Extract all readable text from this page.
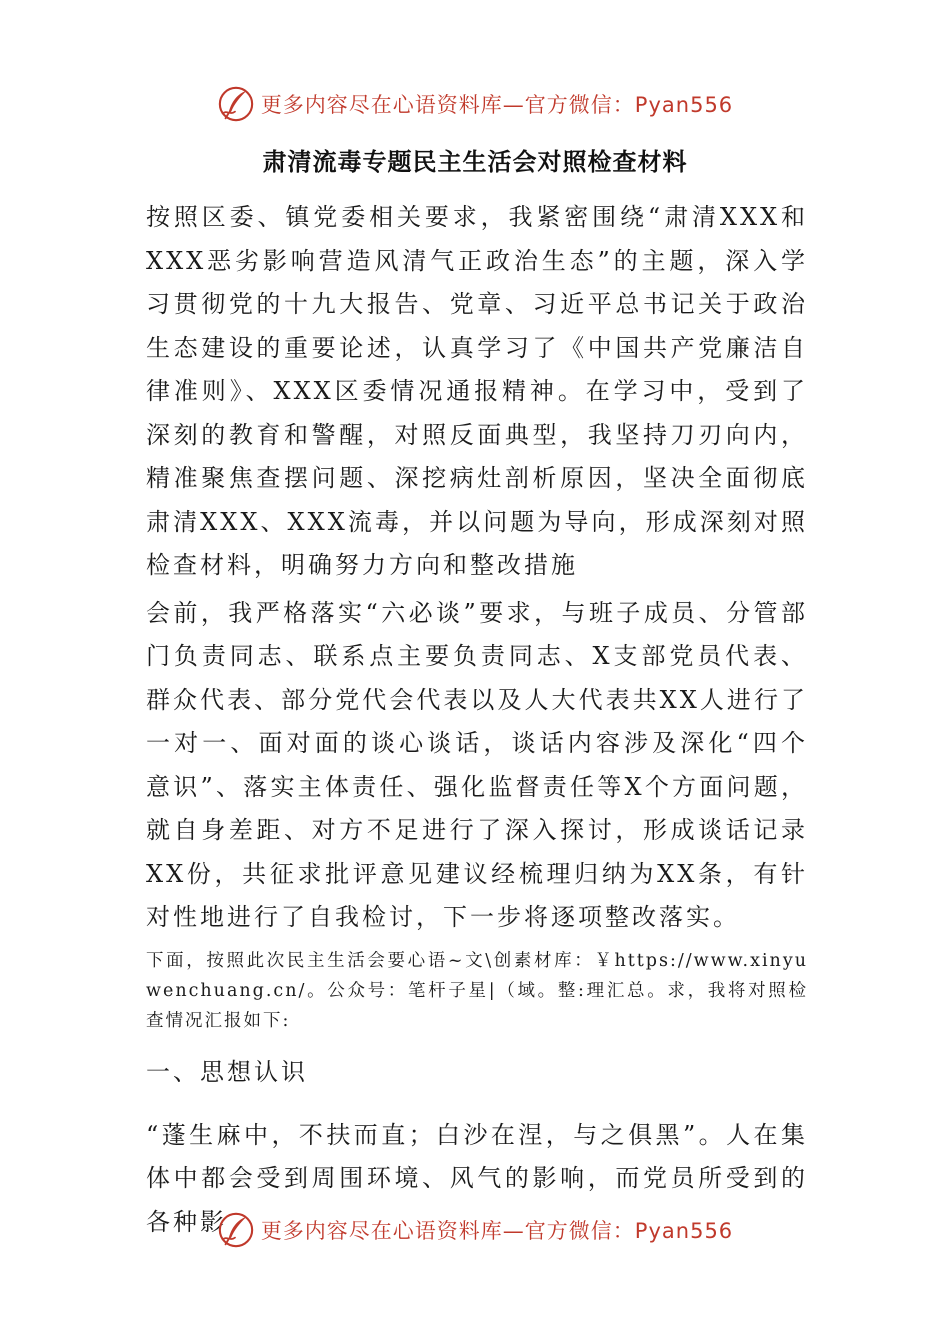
更多内容尽在心语资料库—官方微信：Pyan556
肃清流毒专题民主生活会对照检查材料

按照区委、镇党委相关要求，我紧密围绕“肃清XXX和XXX恶劣影响营造风清气正政治生态”的主题，深入学习贯彻党的十九大报告、党章、习近平总书记关于政治生态建设的重要论述，认真学习了《中国共产党廉洁自律准则》、XXX区委情况通报精神。在学习中，受到了深刻的教育和警醒，对照反面典型，我坚持刀刃向内，精准聚焦查摆问题、深挖病灶剖析原因，坚决全面彻底肃清XXX、XXX流毒，并以问题为导向，形成深刻对照检查材料，明确努力方向和整改措施

会前，我严格落实“六必谈”要求，与班子成员、分管部门负责同志、联系点主要负责同志、X支部党员代表、群众代表、部分党代会代表以及人大代表共XX人进行了一对一、面对面的谈心谈话，谈话内容涉及深化“四个意识”、落实主体责任、强化监督责任等X个方面问题，就自身差距、对方不足进行了深入探讨，形成谈话记录XX份，共征求批评意见建议经梳理归纳为XX条，有针对性地进行了自我检讨，下一步将逐项整改落实。

下面，按照此次民主生活会要心语~文\创素材库：￥https://www.xinyuwenchuang.cn/。公众号：笔杆子星|（域。整:理汇总。求，我将对照检查情况汇报如下:

一、思想认识

“蓬生麻中，不扶而直；白沙在涅，与之俱黑”。人在集体中都会受到周围环境、风气的影响，而党员所受到的各种影	更多内容尽在心语资料库—官方微信：Pyan556
